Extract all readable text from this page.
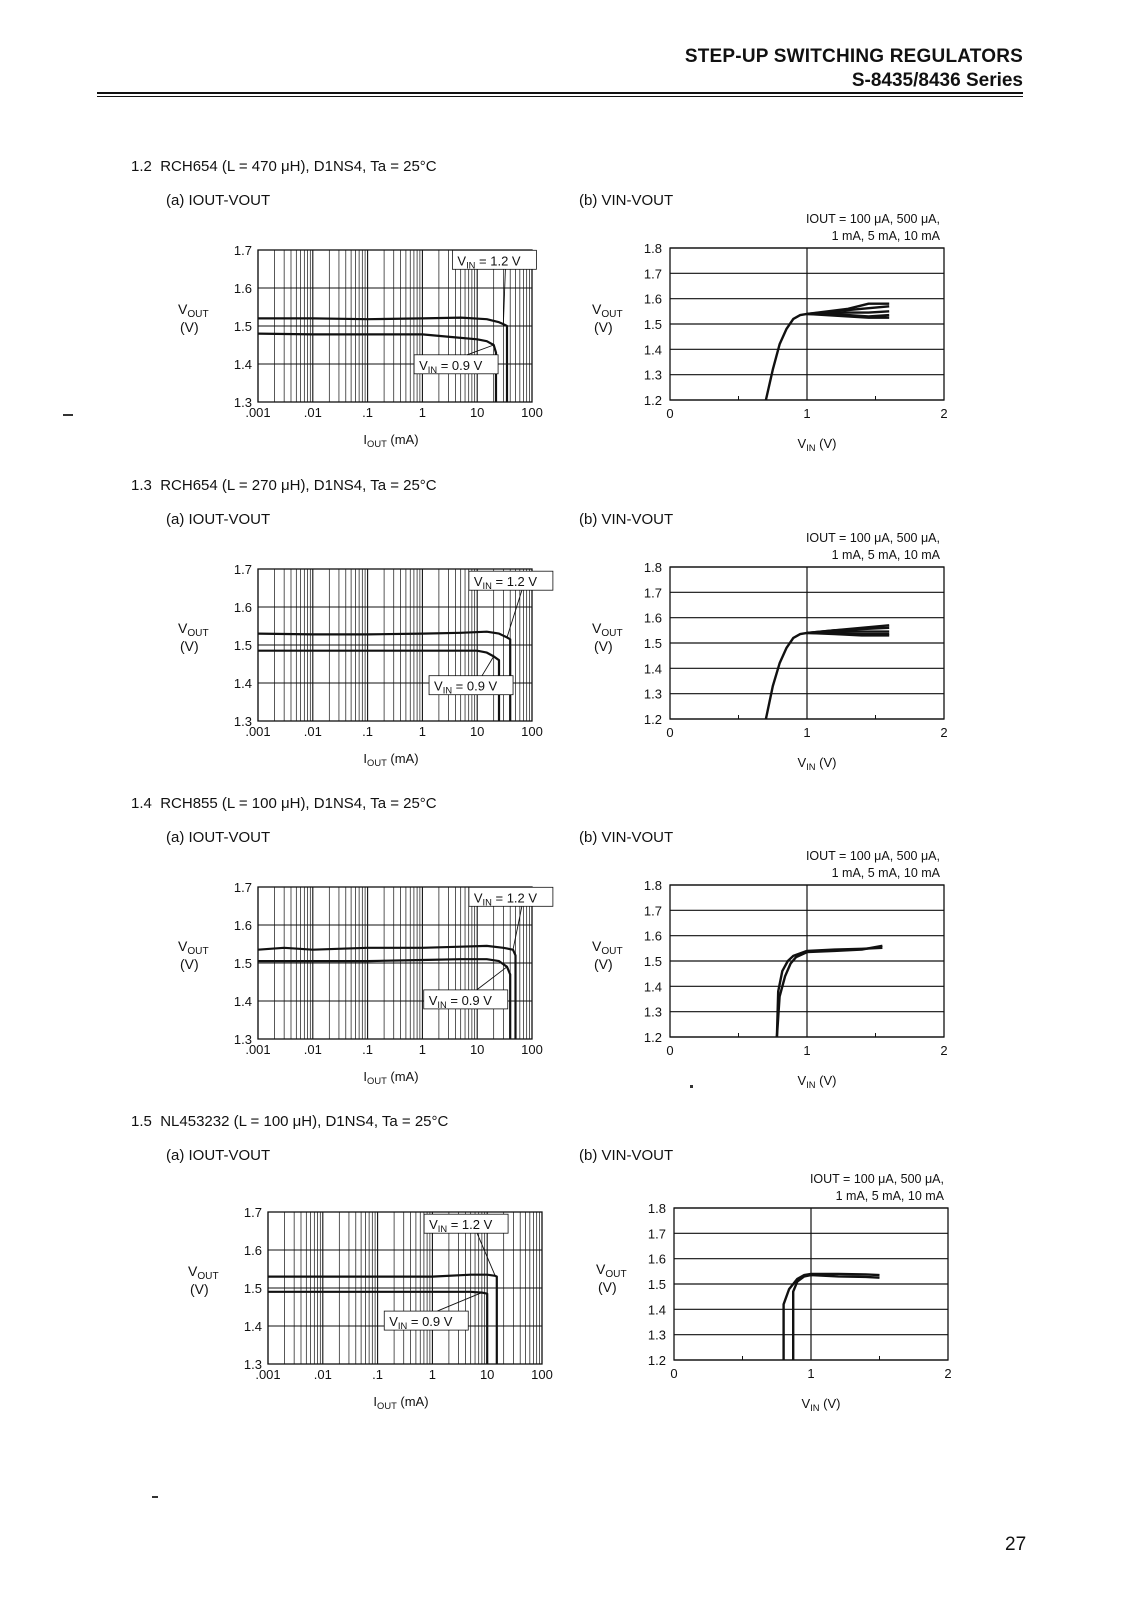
STEP-UP SWITCHING REGULATORS
S-8435/8436 Series
1.2 RCH654 (L = 470 μH), D1NS4, Ta = 25°C
(a) IOUT-VOUT	(b) VIN-VOUT
1.3
1.4
1.5
1.6
1.7
.001	.01	.1	1	10	100
$V_{IN} = 1.2$ V
$V_{IN} = 0.9$ V
$V_{OUT}$
(V)
$I_{OUT}$ (mA)
1.2
1.3
1.4
1.5
1.6
1.7
1.8
0	1	2
IOUT = 100 μA, 500 μA,
1 mA, 5 mA, 10 mA
$V_{OUT}$
(V)
$V_{IN}$ (V)
1.3 RCH654 (L = 270 μH), D1NS4, Ta = 25°C
(a) IOUT-VOUT	(b) VIN-VOUT
1.3
1.4
1.5
1.6
1.7
.001	.01	.1	1	10	100
$V_{IN} = 1.2$ V
$V_{IN} = 0.9$ V
$V_{OUT}$
(V)
$I_{OUT}$ (mA)
1.2
1.3
1.4
1.5
1.6
1.7
1.8
0	1	2
IOUT = 100 μA, 500 μA,
1 mA, 5 mA, 10 mA
$V_{OUT}$
(V)
$V_{IN}$ (V)
1.4 RCH855 (L = 100 μH), D1NS4, Ta = 25°C
(a) IOUT-VOUT	(b) VIN-VOUT
1.3
1.4
1.5
1.6
1.7
.001	.01	.1	1	10	100
$V_{IN} = 1.2$ V
$V_{IN} = 0.9$ V
$V_{OUT}$
(V)
$I_{OUT}$ (mA)
1.2
1.3
1.4
1.5
1.6
1.7
1.8
0	1	2
IOUT = 100 μA, 500 μA,
1 mA, 5 mA, 10 mA
$V_{OUT}$
(V)
$V_{IN}$ (V)
1.5 NL453232 (L = 100 μH), D1NS4, Ta = 25°C
(a) IOUT-VOUT	(b) VIN-VOUT
1.3
1.4
1.5
1.6
1.7
.001	.01	.1	1	10	100
$V_{IN} = 1.2$ V
$V_{IN} = 0.9$ V
$V_{OUT}$
(V)
$I_{OUT}$ (mA)
1.2
1.3
1.4
1.5
1.6
1.7
1.8
0	1	2
IOUT = 100 μA, 500 μA,
1 mA, 5 mA, 10 mA
$V_{OUT}$
(V)
$V_{IN}$ (V)
27
